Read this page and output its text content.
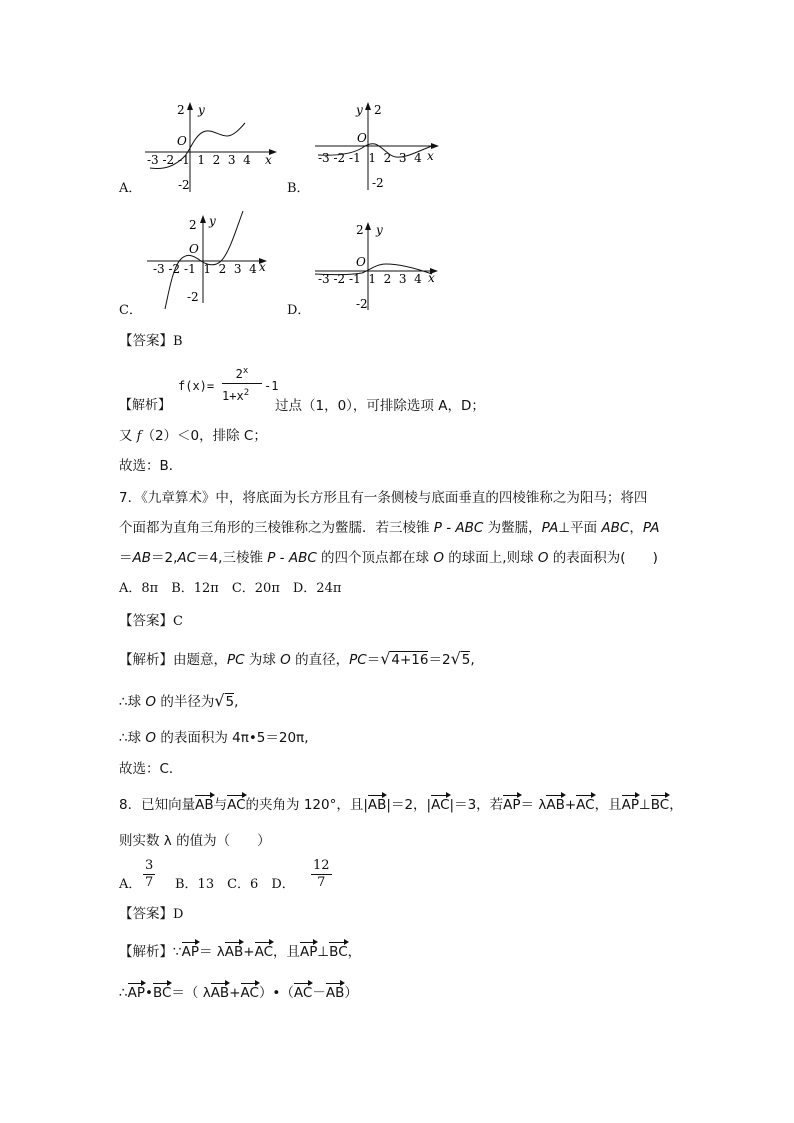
2 y
O
-3 -2 -1  1  2  3  4 x
-2
A．
2
y
O
-3 -2 -1  1  2  3  4 x
-2
B．
2 y
O
-3 -2 -1  1  2  3  4 x
-2
C．
2 y
O
-3 -2 -1  1  2  3  4 x
-2
D．
【答案】B
【解析】
f(x)=
$2^x$
$1+x^2$ -1
过点（1，0），可排除选项 A，D；
又 f（2）＜0，排除 C；
故选：B．
7．《九章算术》中，将底面为长方形且有一条侧棱与底面垂直的四棱锥称之为阳马；将四
个面都为直角三角形的三棱锥称之为鳖臑．若三棱锥 P - ABC 为鳖臑，PA⊥平面 ABC，PA
＝AB＝2,AC＝4,三棱锥 P - ABC 的四个顶点都在球 O 的球面上,则球 O 的表面积为(　　)
A．8π　B．12π　C．20π　D．24π
【答案】C
【解析】由题意，PC 为球 O 的直径，PC＝√4+16＝2√5,
∴球 O 的半径为√5,
∴球 O 的表面积为 4π•5＝20π,
故选：C．
8．已知向量AB与AC的夹角为 120°，且|AB|＝2，|AC|＝3，若AP＝ λAB+AC，且AP⊥BC，
则实数 λ 的值为（　　）
A． $\frac{3}{7}$ B．13　C．6　D． $\frac{12}{7}$
【答案】D
【解析】∵AP＝ λAB+AC，且AP⊥BC，
∴AP•BC＝（ λAB+AC）•（AC－AB）
